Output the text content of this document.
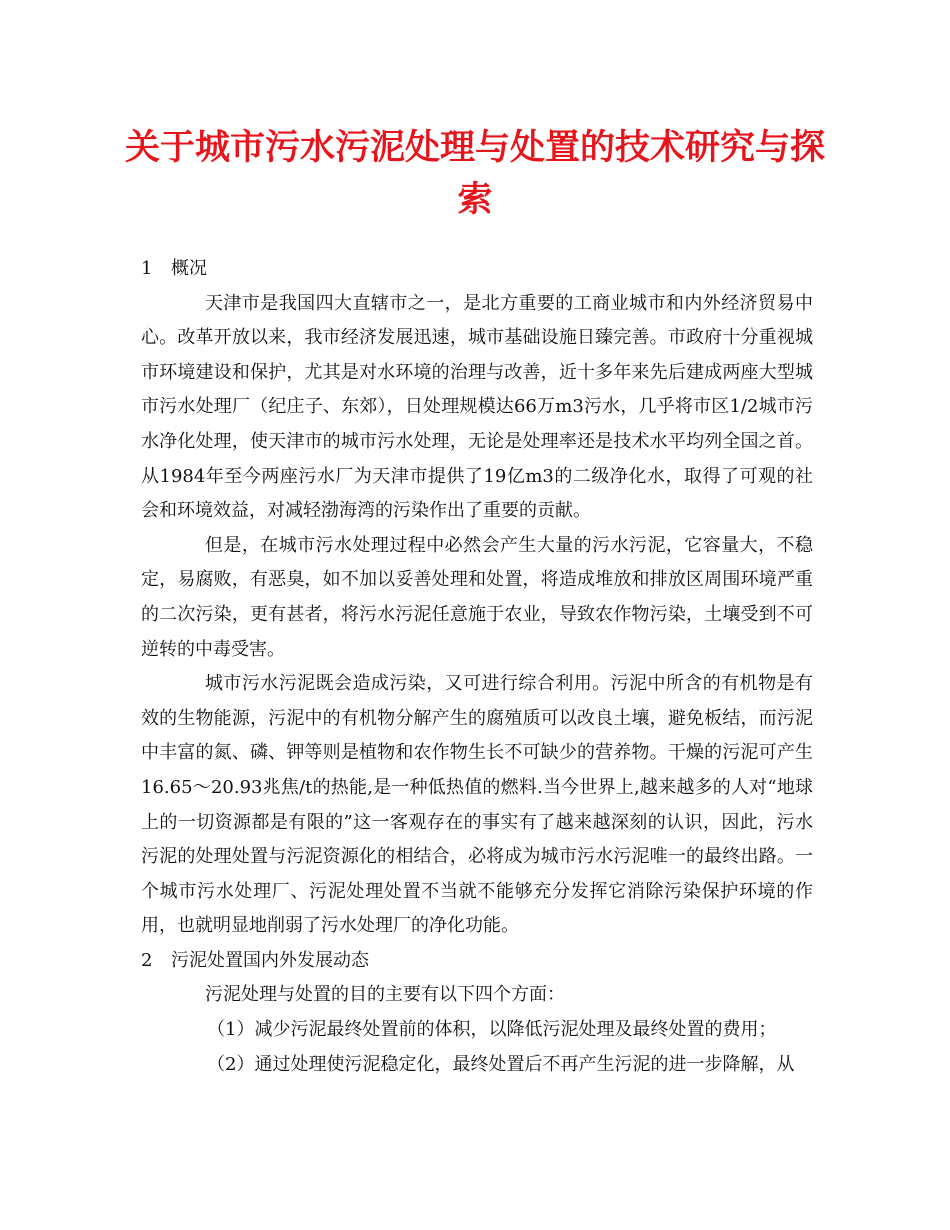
关于城市污水污泥处理与处置的技术研究与探索

1 概况

天津市是我国四大直辖市之一，是北方重要的工商业城市和内外经济贸易中心。改革开放以来，我市经济发展迅速，城市基础设施日臻完善。市政府十分重视城市环境建设和保护，尤其是对水环境的治理与改善，近十多年来先后建成两座大型城市污水处理厂（纪庄子、东郊），日处理规模达66万m3污水，几乎将市区1/2城市污水净化处理，使天津市的城市污水处理，无论是处理率还是技术水平均列全国之首。从1984年至今两座污水厂为天津市提供了19亿m3的二级净化水，取得了可观的社会和环境效益，对减轻渤海湾的污染作出了重要的贡献。

但是，在城市污水处理过程中必然会产生大量的污水污泥，它容量大，不稳定，易腐败，有恶臭，如不加以妥善处理和处置，将造成堆放和排放区周围环境严重的二次污染，更有甚者，将污水污泥任意施于农业，导致农作物污染，土壤受到不可逆转的中毒受害。

城市污水污泥既会造成污染，又可进行综合利用。污泥中所含的有机物是有效的生物能源，污泥中的有机物分解产生的腐殖质可以改良土壤，避免板结，而污泥中丰富的氮、磷、钾等则是植物和农作物生长不可缺少的营养物。干燥的污泥可产生16.65～20.93兆焦/t的热能,是一种低热值的燃料.当今世界上,越来越多的人对“地球上的一切资源都是有限的”这一客观存在的事实有了越来越深刻的认识，因此，污水污泥的处理处置与污泥资源化的相结合，必将成为城市污水污泥唯一的最终出路。一个城市污水处理厂、污泥处理处置不当就不能够充分发挥它消除污染保护环境的作用，也就明显地削弱了污水处理厂的净化功能。

2 污泥处置国内外发展动态

污泥处理与处置的目的主要有以下四个方面：

（1）减少污泥最终处置前的体积，以降低污泥处理及最终处置的费用；

（2）通过处理使污泥稳定化，最终处置后不再产生污泥的进一步降解，从
